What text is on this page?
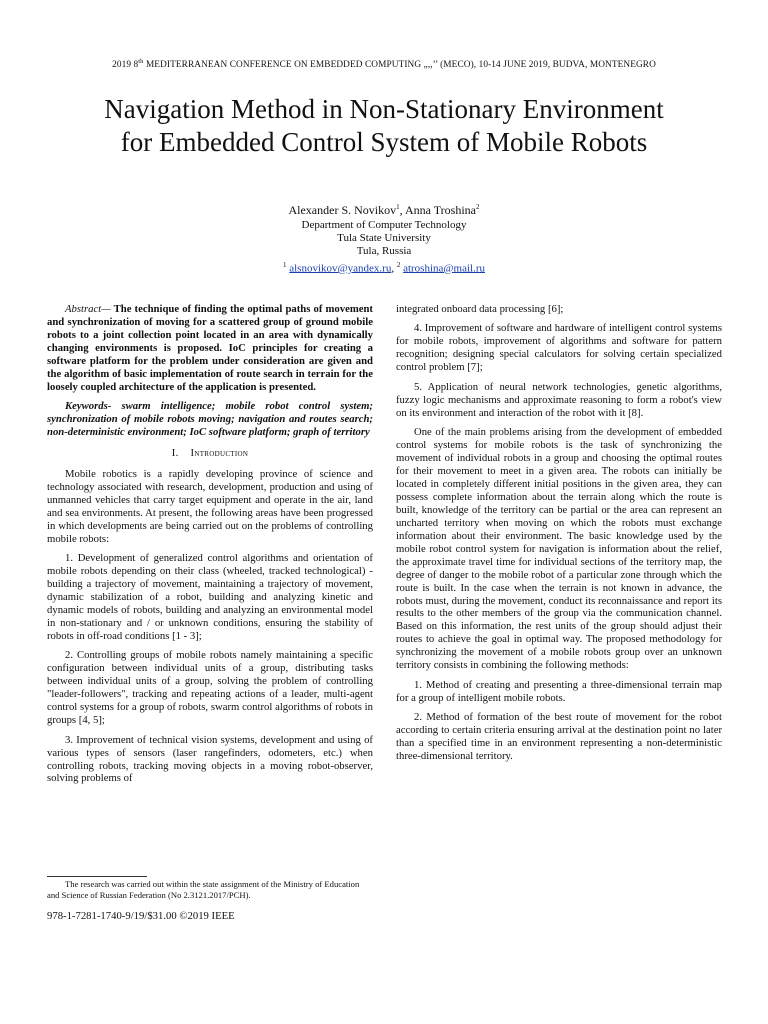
2019 8th MEDITERRANEAN CONFERENCE ON EMBEDDED COMPUTING „,,’’ (MECO), 10-14 JUNE 2019, BUDVA, MONTENEGRO
Navigation Method in Non-Stationary Environment
for Embedded Control System of Mobile Robots
Alexander S. Novikov$^1$, Anna Troshina$^2$
Department of Computer Technology
Tula State University
Tula, Russia
$^1$ alsnovikov@yandex.ru, $^2$ atroshina@mail.ru

Abstract— The technique of finding the optimal paths of movement and synchronization of moving for a scattered group of ground mobile robots to a joint collection point located in an area with dynamically changing environments is proposed. IoC principles for creating a software platform for the problem under consideration are given and the algorithm of basic implementation of route search in terrain for the loosely coupled architecture of the application is presented.

Keywords- swarm intelligence; mobile robot control system; synchronization of mobile robots moving; navigation and routes search; non-deterministic environment; IoC software platform; graph of territory

I. Introduction

Mobile robotics is a rapidly developing province of science and technology associated with research, development, production and using of unmanned vehicles that carry target equipment and operate in the air, land and sea environments. At present, the following areas have been progressed in which developments are being carried out on the problems of controlling mobile robots:

1. Development of generalized control algorithms and orientation of mobile robots depending on their class (wheeled, tracked technological) - building a trajectory of movement, maintaining a trajectory of movement, dynamic stabilization of a robot, building and analyzing kinetic and dynamic models of robots, building and analyzing an environmental model in non-stationary and / or unknown conditions, ensuring the stability of robots in off-road conditions [1 - 3];

2. Controlling groups of mobile robots namely maintaining a specific configuration between individual units of a group, distributing tasks between individual units of a group, solving the problem of controlling "leader-followers", tracking and repeating actions of a leader, multi-agent control systems for a group of robots, swarm control algorithms of robots in groups [4, 5];

3. Improvement of technical vision systems, development and using of various types of sensors (laser rangefinders, odometers, etc.) when controlling robots, tracking moving objects in a moving robot-observer, solving problems of

integrated onboard data processing [6];

4. Improvement of software and hardware of intelligent control systems for mobile robots, improvement of algorithms and software for pattern recognition; designing special calculators for solving certain specialized control problem [7];

5. Application of neural network technologies, genetic algorithms, fuzzy logic mechanisms and approximate reasoning to form a robot's view on its environment and interaction of the robot with it [8].

One of the main problems arising from the development of embedded control systems for mobile robots is the task of synchronizing the movement of individual robots in a group and choosing the optimal routes for their movement to meet in a given area. The robots can initially be located in completely different initial positions in the given area, they can possess complete information about the terrain along which the route is built, knowledge of the territory can be partial or the area can represent an uncharted territory when moving on which the robots must exchange information about their environment. The basic knowledge used by the mobile robot control system for navigation is information about the relief, the approximate travel time for individual sections of the territory map, the degree of danger to the mobile robot of a particular zone through which the route is built. In the case when the terrain is not known in advance, the robots must, during the movement, conduct its reconnaissance and report its results to the other members of the group via the communication channel. Based on this information, the rest units of the group should adjust their routes to achieve the goal in optimal way. The proposed methodology for synchronizing the movement of a mobile robots group over an unknown territory consists in combining the following methods:

1. Method of creating and presenting a three-dimensional terrain map for a group of intelligent mobile robots.

2. Method of formation of the best route of movement for the robot according to certain criteria ensuring arrival at the destination point no later than a specified time in an environment representing a non-deterministic three-dimensional territory.

The research was carried out within the state assignment of the Ministry of Education and Science of Russian Federation (No 2.3121.2017/PCH).
978-1-7281-1740-9/19/$31.00 ©2019 IEEE
